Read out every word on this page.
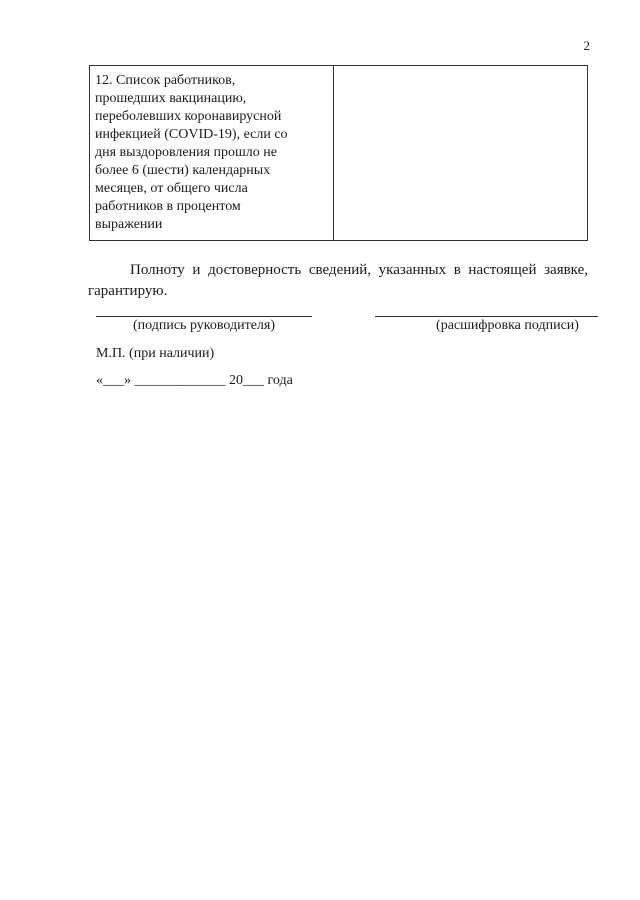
2
12. Список работников,
прошедших вакцинацию,
переболевших коронавирусной
инфекцией (COVID-19), если со
дня выздоровления прошло не
более 6 (шести) календарных
месяцев, от общего числа
работников в процентом
выражении
Полноту и достоверность сведений, указанных в настоящей заявке, гарантирую.
(подпись руководителя)	(расшифровка подписи)
М.П. (при наличии)
«___» _____________ 20___ года
